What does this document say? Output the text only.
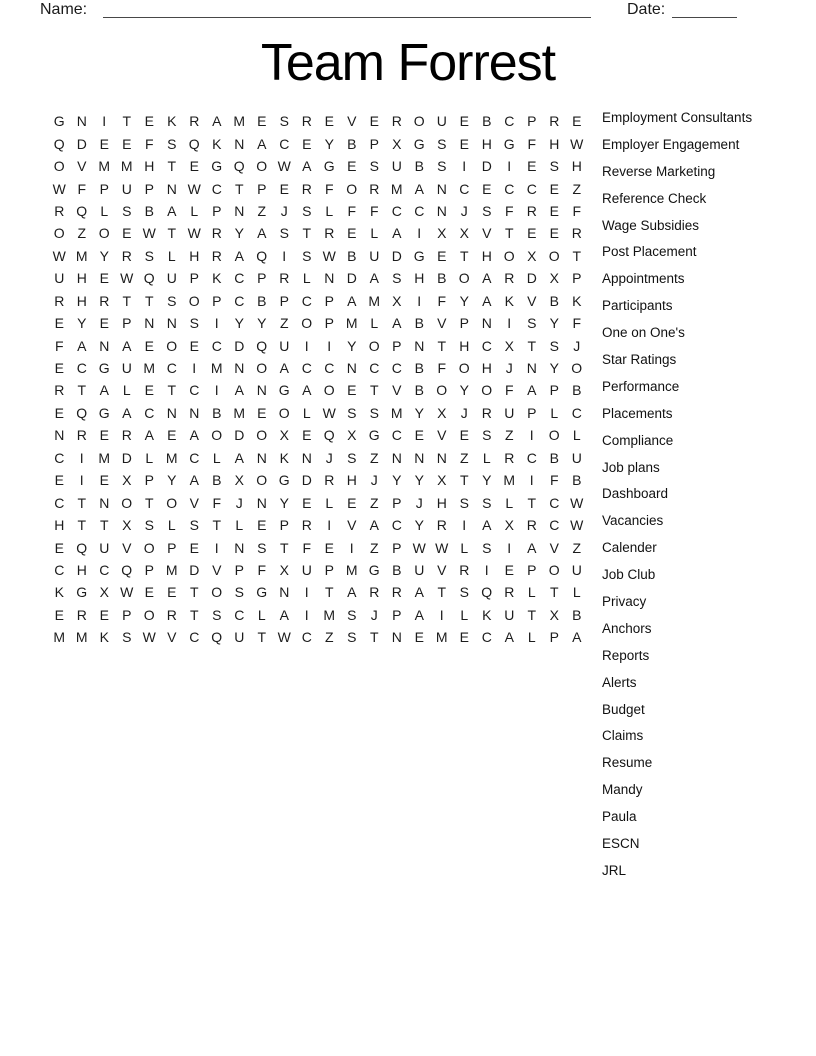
Name:	Date:
Team Forrest
G N	I	T E K R A M E S R E V E R O U E B C P R E
Q D E E F S Q K N A C E Y B P X G S E H G F H W
O V M M H T E G Q O W A G E S U B S	I	D	I	E S H
W F P U P N W C T P E R F O R M A N C E C C E Z
R Q L S B A L P N Z	J	S L	F F C C N J	S F R E F
O Z O E W T W R Y A S T R E L A	I	X X V T E E R
W M Y R S L H R A Q	I	S W B U D G E T H O X O T
U H E W Q U P K C P R L N D A S H B O A R D X P
R H R T T S O P C B P C P A M X	I	F Y A K V B K
E Y E P N N S	I	Y Y Z O P M L A B V P N	I	S Y F
F A N A E O E C D Q U	I	I	Y O P N T H C X T S	J
E C G U M C	I	M N O A C C N C C B F O H J N Y O
R T A L E T C	I	A N G A O E T V B O Y O F A P B
E Q G A C N N B M E O L W S S M Y X	J R U P L C
N R E R A E A O D O X E Q X G C E V E S Z	I	O L
C	I	M D L M C L A N K N J	S Z N N N Z	L R C B U
E	I	E X P Y A B X O G D R H J	Y Y X T Y M	I	F B
C T N O T O V F	J N Y E L E Z P	J H S S L	T C W
H T T X S L S T	L E P R	I	V A C Y R	I	A X R C W
E Q U V O P E	I	N S T F E	I	Z P W W L S	I	A V Z
C H C Q P M D V P F X U P M G B U V R	I	E P O U
K G X W E E T O S G N	I	T A R R A T S Q R L	T	L
E R E P O R T S C L A	I	M S	J	P A	I	L K U T X B
M M K S W V C Q U T W C Z S T N E M E C A L P A
Employment Consultants
Employer Engagement
Reverse Marketing
Reference Check
Wage Subsidies
Post Placement
Appointments
Participants
One on One's
Star Ratings
Performance
Placements
Compliance
Job plans
Dashboard
Vacancies
Calender
Job Club
Privacy
Anchors
Reports
Alerts
Budget
Claims
Resume
Mandy
Paula
ESCN
JRL
